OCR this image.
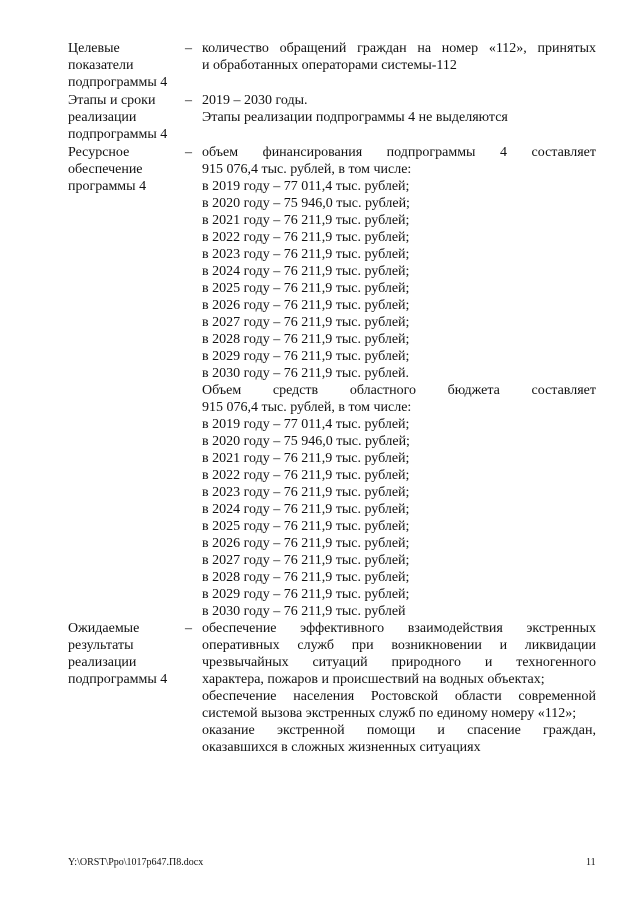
Целевые
показатели
подпрограммы 4
– количество обращений граждан на номер «112», принятых
и обработанных операторами системы-112
Этапы и сроки
реализации
подпрограммы 4
– 2019 – 2030 годы.
Этапы реализации подпрограммы 4 не выделяются
Ресурсное
обеспечение
программы 4
– объем финансирования подпрограммы 4 составляет
915 076,4 тыс. рублей, в том числе:
в 2019 году – 77 011,4 тыс. рублей;
в 2020 году – 75 946,0 тыс. рублей;
в 2021 году – 76 211,9 тыс. рублей;
в 2022 году – 76 211,9 тыс. рублей;
в 2023 году – 76 211,9 тыс. рублей;
в 2024 году – 76 211,9 тыс. рублей;
в 2025 году – 76 211,9 тыс. рублей;
в 2026 году – 76 211,9 тыс. рублей;
в 2027 году – 76 211,9 тыс. рублей;
в 2028 году – 76 211,9 тыс. рублей;
в 2029 году – 76 211,9 тыс. рублей;
в 2030 году – 76 211,9 тыс. рублей.
Объем средств областного бюджета составляет
915 076,4 тыс. рублей, в том числе:
в 2019 году – 77 011,4 тыс. рублей;
в 2020 году – 75 946,0 тыс. рублей;
в 2021 году – 76 211,9 тыс. рублей;
в 2022 году – 76 211,9 тыс. рублей;
в 2023 году – 76 211,9 тыс. рублей;
в 2024 году – 76 211,9 тыс. рублей;
в 2025 году – 76 211,9 тыс. рублей;
в 2026 году – 76 211,9 тыс. рублей;
в 2027 году – 76 211,9 тыс. рублей;
в 2028 году – 76 211,9 тыс. рублей;
в 2029 году – 76 211,9 тыс. рублей;
в 2030 году – 76 211,9 тыс. рублей
Ожидаемые
результаты
реализации
подпрограммы 4
– обеспечение эффективного взаимодействия экстренных
оперативных служб при возникновении и ликвидации
чрезвычайных ситуаций природного и техногенного
характера, пожаров и происшествий на водных объектах;
обеспечение населения Ростовской области современной
системой вызова экстренных служб по единому номеру «112»;
оказание экстренной помощи и спасение граждан,
оказавшихся в сложных жизненных ситуациях
Y:\ORST\Ppo\1017p647.П8.docx	11
